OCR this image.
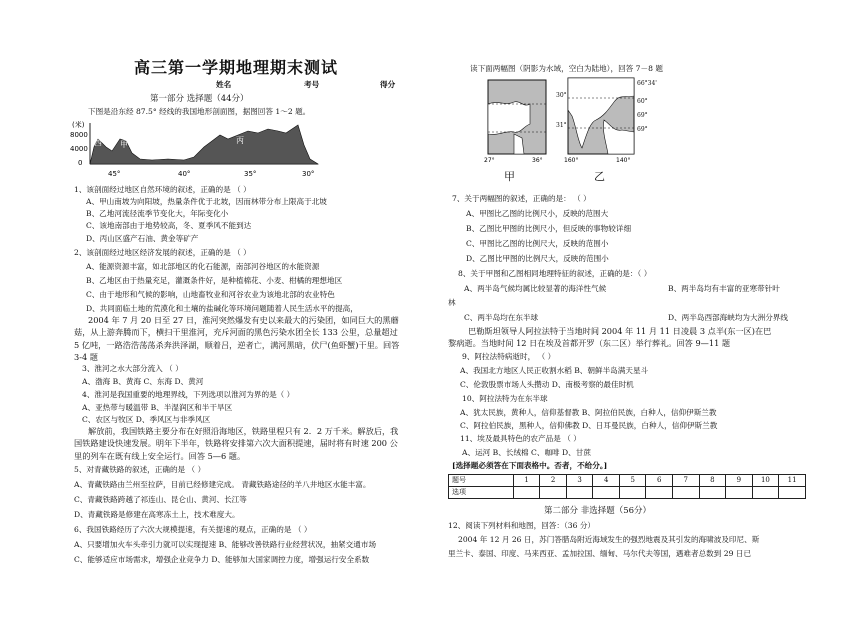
高三第一学期地理期末测试
姓名	考号	得分
第一部分 选择题（44分）
下图是沿东经 87.5° 经线的我国地形剖面图，据图回答 1～2 题。
(米)
8000
4000
0
西 甲
乙
丙
45°	40°	35°	30°
1、该剖面经过地区自然环境的叙述，正确的是 （ ）
A、甲山南坡为向阳坡，热量条件优于北坡，因而林带分布上限高于北坡
B、乙地河流径流季节变化大，年际变化小
C、该地南部由于地势较高，冬、夏季风不能到达
D、丙山区盛产石油、黄金等矿产
2、该剖面经过地区经济发展的叙述，正确的是 （ ）
A、能源资源丰富，如北部地区的化石能源，南部河谷地区的水能资源
B、乙地区由于热量充足，灌溉条件好，是种植棉花、小麦、柑橘的理想地区
C、由于地形和气候的影响，山地畜牧业和河谷农业为该地北部的农业特色
D、共同面临土地的荒漠化和土壤的盐碱化等环境问题随着人民生活水平的提高，
2004 年 7 月 20 日至 27 日，淮河突然爆发有史以来最大的污染团，如同巨大的黑蘑
菇，从上游奔腾而下，横扫干里淮河，充斥河面的黑色污染水团全长 133 公里，总量超过
5 亿吨，一路浩浩荡荡杀奔洪泽湖，顺着吕，逆者亡，满河黑暗，伏尸(鱼虾蟹)干里。回答
3-4 题
3、淮河之水大部分流入 （ ）
A、渤海 B、黄海 C、东海 D、黄河
4、淮河是我国重要的地理界线，下列选项以淮河为界的是（ ）
A、亚热带与暖温带 B、半湿润区和半干旱区
C、农区与牧区 D、季风区与非季风区
解放前，我国铁路主要分布在好照沿海地区，铁路里程只有 2．2 万千米。解放后，我
国铁路建设快速发展。明年下半年，铁路将安排第六次大面积提速，届时将有时速 200 公
里的列车在既有线上安全运行。回答 5—6 题。
5、对青藏铁路的叙述，正确的是 （ ）
A、青藏铁路由兰州至拉萨，目前已经修建完成。 青藏铁路途径的羊八井地区水能丰富。
C、青藏铁路跨越了祁连山、昆仑山、黄河、长江等
D、青藏铁路是修建在高寒冻土上，技术难度大。
6、我国铁路经历了六次大规模提速，有关提速的观点，正确的是 （ ）
A、只要增加火车头牵引力就可以实现提速 B、能够改善铁路行业经营状况，抽紧交通市场
C、能够适应市场需求，增强企业竞争力 D、能够加大国家调控力度，增强运行安全系数
读下面两幅图（阴影为水域，空白为陆地），回答 7－8 题
27°	36°
30°
31°
160°	140°
66°34'
60°
69°
69°
甲	乙
7、关于两幅图的叙述，正确的是： （ ）
A、甲图比乙图的比例尺小，反映的范围大
B、乙图比甲图的比例尺小，但反映的事物较详细
C、甲图比乙图的比例尺大，反映的范围小
D、乙图比甲图的比例尺大，反映的范围小
8、关于甲图和乙图相同地理特征的叙述，正确的是：（ ）
A、两半岛气候均属比较显著的海洋性气候	B、两半岛均有丰富的亚寒带针叶
林
C、两半岛均在东半球	D、两半岛西部海峡均为大洲分界线
巴勒斯坦领导人阿拉法特于当地时间 2004 年 11 月 11 日凌晨 3 点半(东一区)在巴
黎病逝。当地时间 12 日在埃及首都开罗（东二区）举行葬礼。回答 9—11 题
9、阿拉法特病逝时， （ ）
A、我国北方地区人民正收割水稻 B、朝鲜半岛满天星斗
C、伦敦股票市场人头攒动 D、南极考察的最佳时机
10、阿拉法特为在东半球
A、犹太民族，黄种人，信仰基督教 B、阿拉伯民族，白种人，信仰伊斯兰教
C、阿拉伯民族，黑种人，信仰佛教 D、日耳曼民族，白种人，信仰伊斯兰教
11、埃及最具特色的农产品是 （ ）
A、运河 B、长绒棉 C、咖啡 D、甘蔗
[选择题必须答在下面表格中。否者，不给分。]
题号	1	2	3	4	5	6	7	8	9	10	11
选项											
第二部分 非选择题（56分）
12、阅读下列材料和地图，回答：（36 分）
2004 年 12 月 26 日，苏门答腊岛附近海域发生的强烈地震及其引发的海啸波及印尼、斯
里兰卡、泰国、印度、马来西亚、孟加拉国、缅甸、马尔代夫等国，遇难者总数到 29 日已
